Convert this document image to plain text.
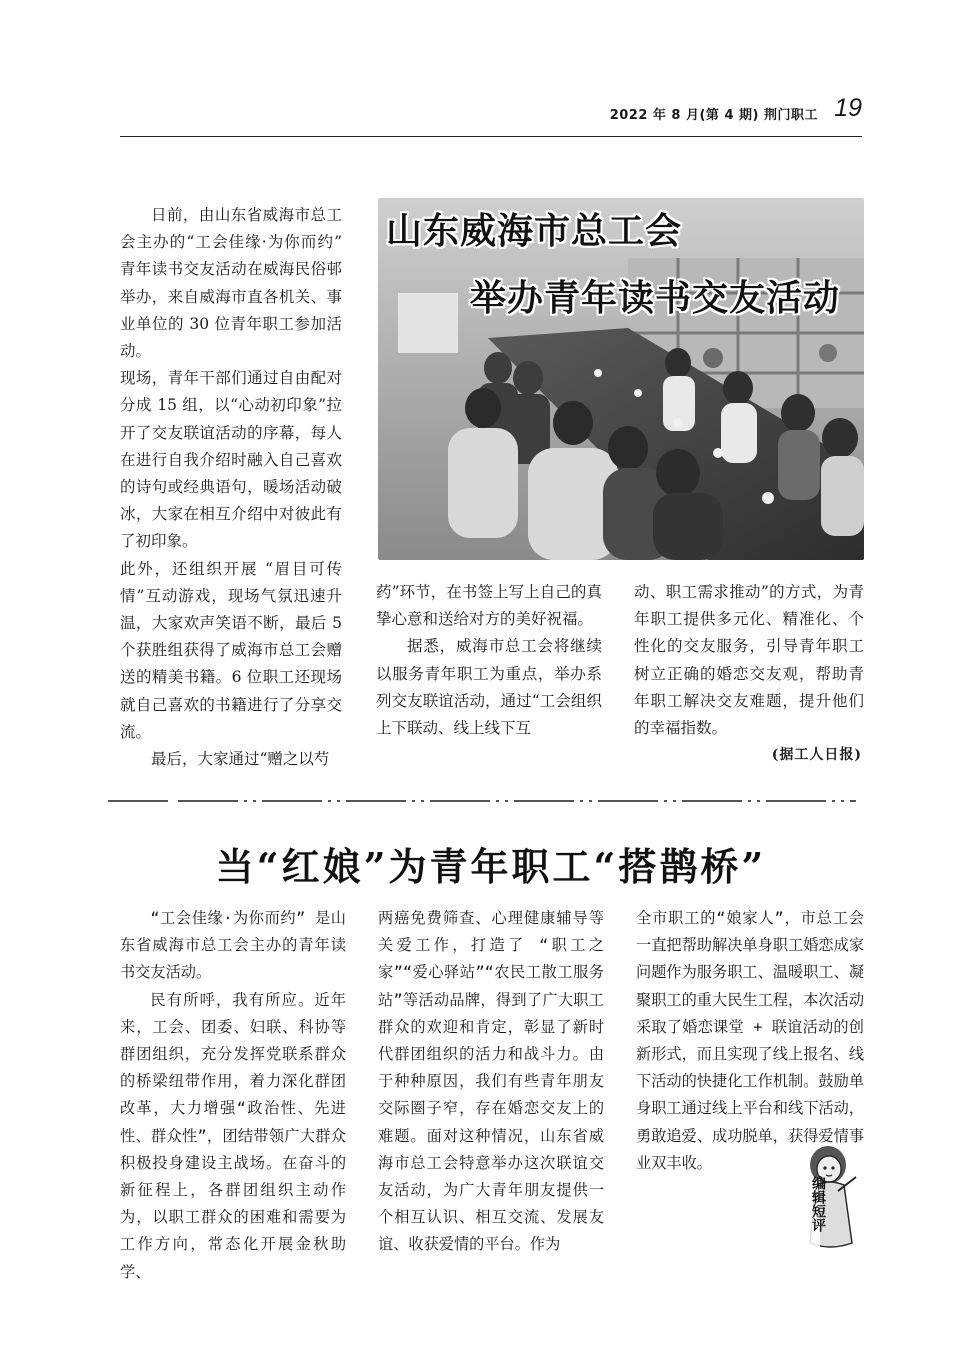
2022 年 8 月(第 4 期) 荆门职工 19

日前，由山东省威海市总工会主办的“工会佳缘·为你而约” 青年读书交友活动在威海民俗邨举办，来自威海市直各机关、事业单位的 30 位青年职工参加活动。

现场，青年干部们通过自由配对分成 15 组，以“心动初印象”拉开了交友联谊活动的序幕，每人在进行自我介绍时融入自己喜欢的诗句或经典语句，暖场活动破冰，大家在相互介绍中对彼此有了初印象。

此外，还组织开展 “眉目可传情”互动游戏，现场气氛迅速升温，大家欢声笑语不断，最后 5 个获胜组获得了威海市总工会赠送的精美书籍。6 位职工还现场就自己喜欢的书籍进行了分享交流。

最后，大家通过“赠之以芍

山东威海市总工会
举办青年读书交友活动

药”环节，在书签上写上自己的真挚心意和送给对方的美好祝福。

据悉，威海市总工会将继续以服务青年职工为重点，举办系列交友联谊活动，通过“工会组织上下联动、线上线下互

动、职工需求推动”的方式，为青年职工提供多元化、精准化、个性化的交友服务，引导青年职工树立正确的婚恋交友观，帮助青年职工解决交友难题，提升他们的幸福指数。

(据工人日报)
当“红娘”为青年职工“搭鹊桥”

“工会佳缘·为你而约” 是山东省威海市总工会主办的青年读书交友活动。

民有所呼，我有所应。近年来，工会、团委、妇联、科协等群团组织，充分发挥党联系群众的桥梁纽带作用，着力深化群团改革，大力增强“政治性、先进性、群众性”，团结带领广大群众积极投身建设主战场。在奋斗的新征程上，各群团组织主动作为，以职工群众的困难和需要为工作方向，常态化开展金秋助学、

两癌免费筛查、心理健康辅导等关爱工作，打造了 “职工之家”“爱心驿站”“农民工散工服务站”等活动品牌，得到了广大职工群众的欢迎和肯定，彰显了新时代群团组织的活力和战斗力。由于种种原因，我们有些青年朋友交际圈子窄，存在婚恋交友上的难题。面对这种情况，山东省威海市总工会特意举办这次联谊交友活动，为广大青年朋友提供一个相互认识、相互交流、发展友谊、收获爱情的平台。作为

全市职工的“娘家人”，市总工会一直把帮助解决单身职工婚恋成家问题作为服务职工、温暖职工、凝聚职工的重大民生工程，本次活动采取了婚恋课堂 + 联谊活动的创新形式，而且实现了线上报名、线下活动的快捷化工作机制。鼓励单身职工通过线上平台和线下活动，勇敢追爱、成功脱单，获得爱情事业双丰收。

编辑短评
